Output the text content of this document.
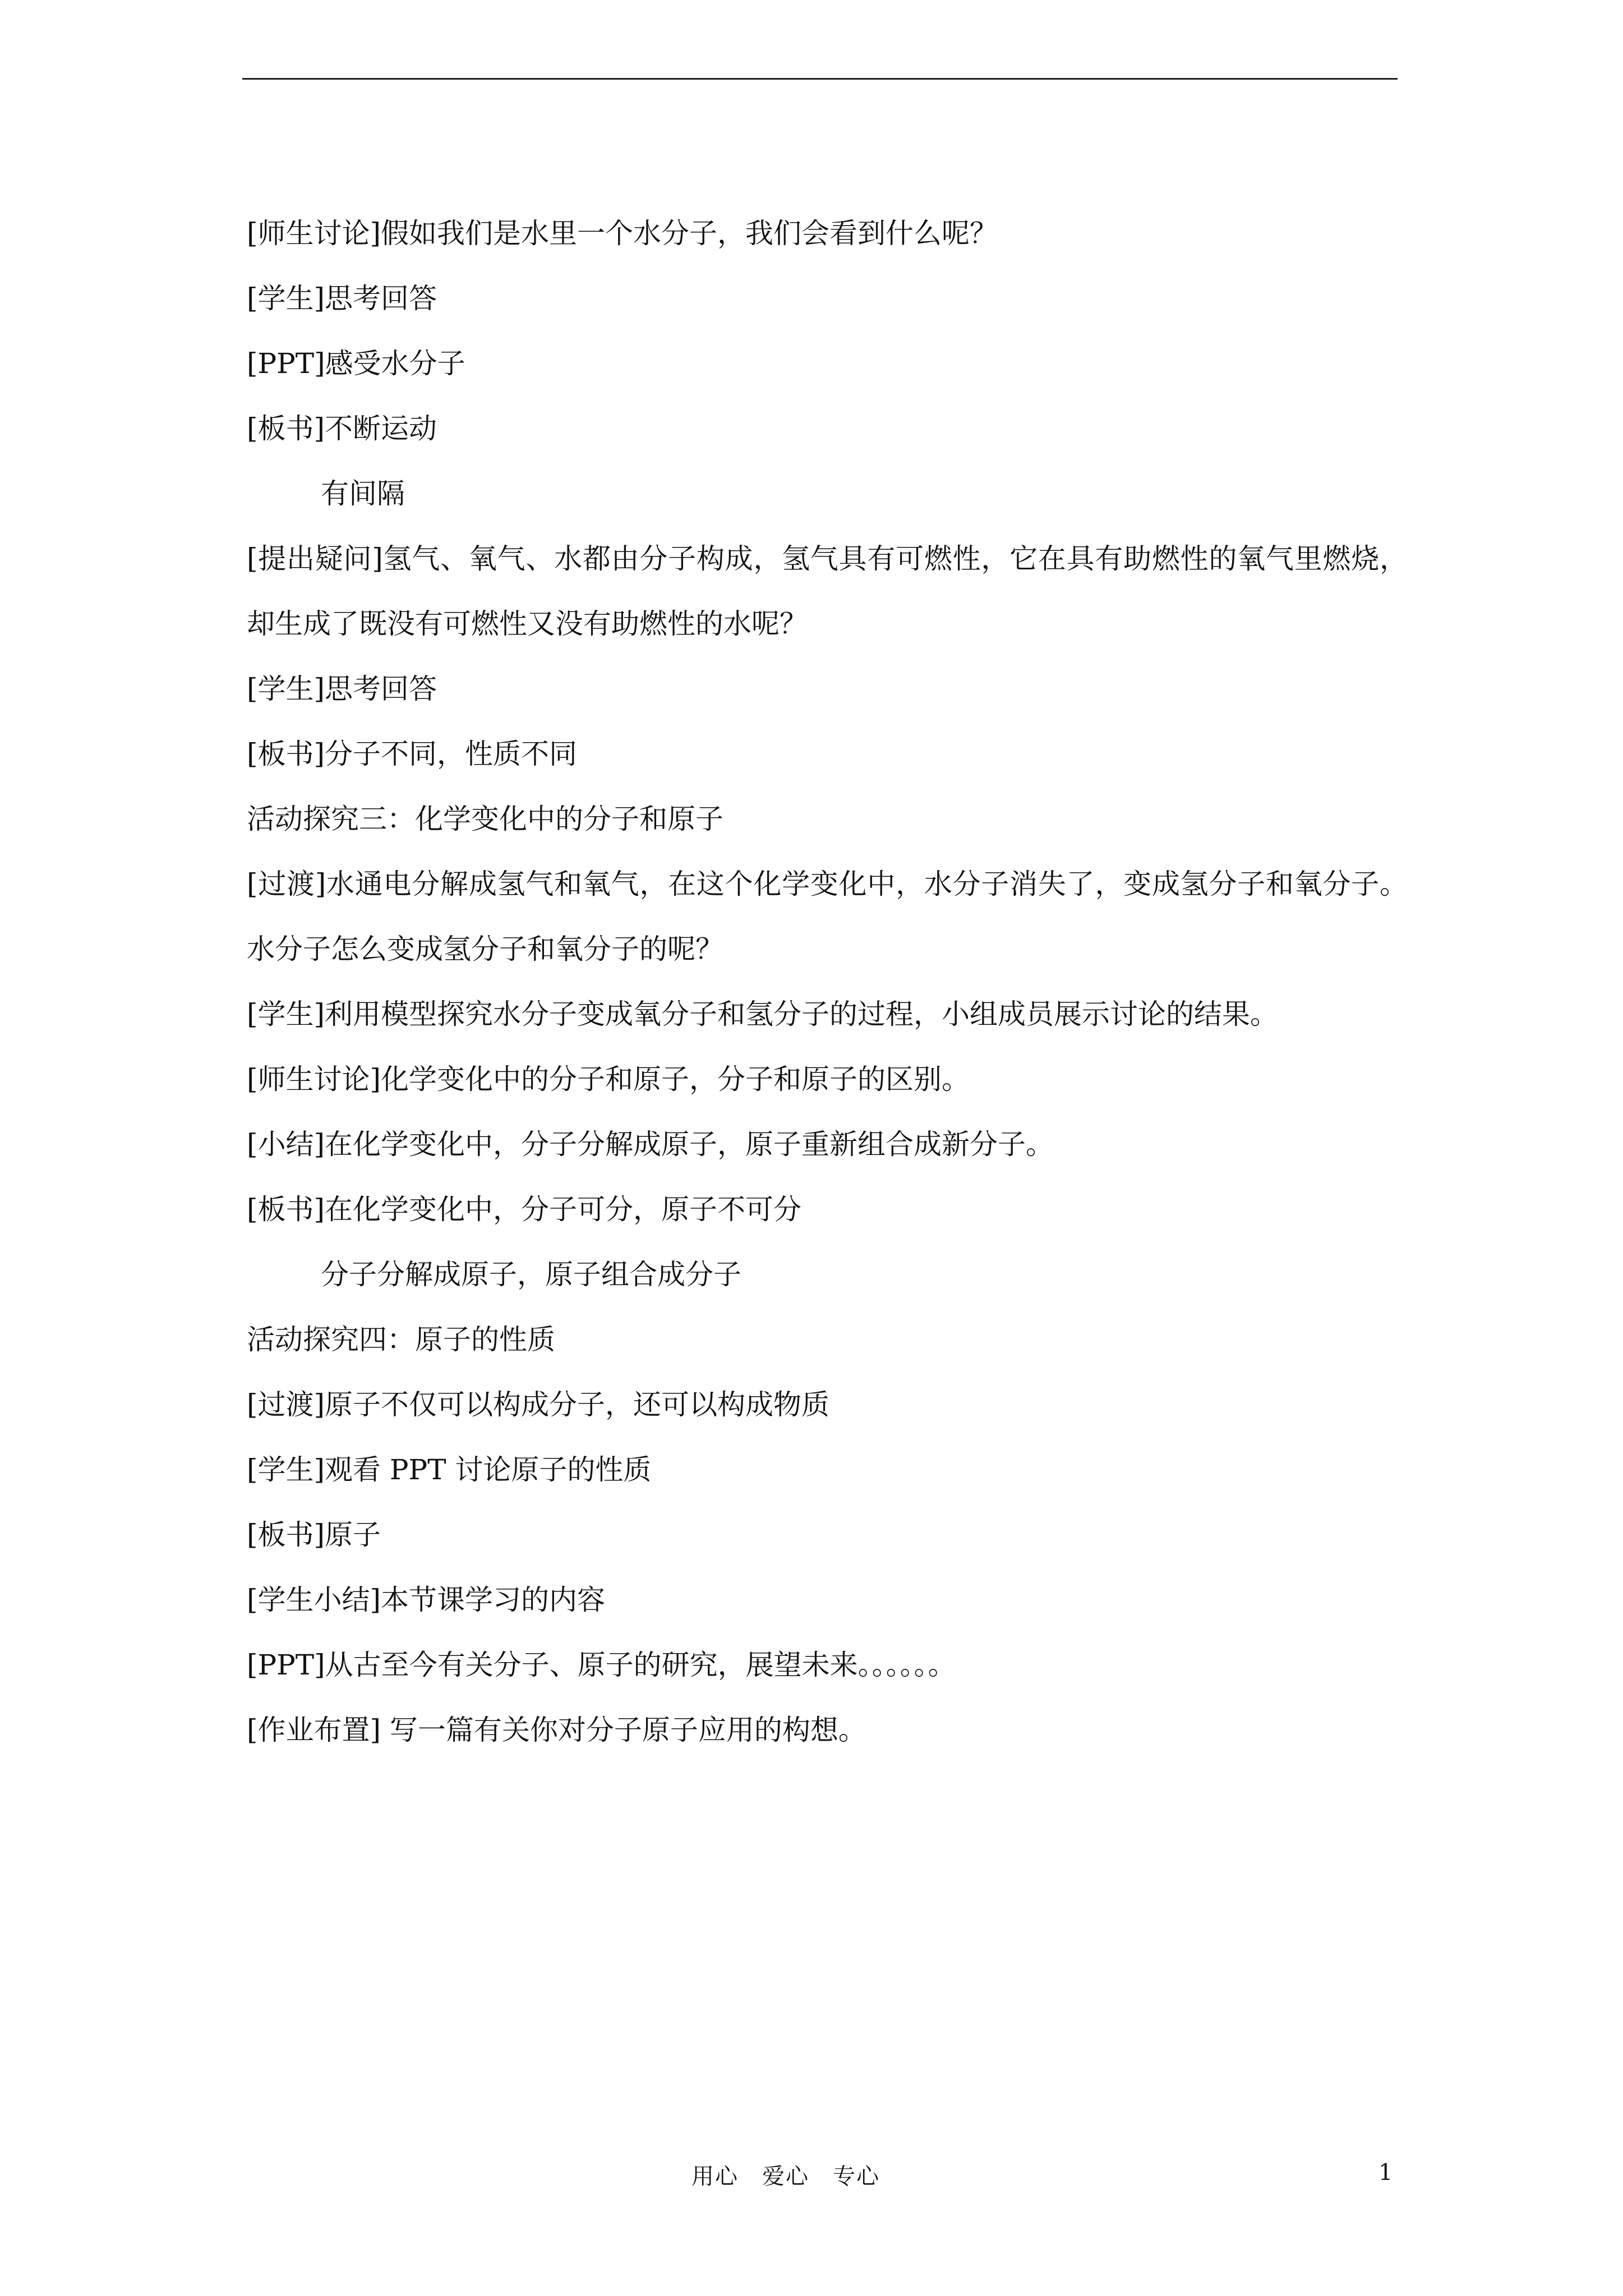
[师生讨论]假如我们是水里一个水分子，我们会看到什么呢？
[学生]思考回答
[PPT]感受水分子
[板书]不断运动
有间隔
[提出疑问]氢气、氧气、水都由分子构成，氢气具有可燃性，它在具有助燃性的氧气里燃烧，
却生成了既没有可燃性又没有助燃性的水呢？
[学生]思考回答
[板书]分子不同，性质不同
活动探究三：化学变化中的分子和原子
[过渡]水通电分解成氢气和氧气，在这个化学变化中，水分子消失了，变成氢分子和氧分子。
水分子怎么变成氢分子和氧分子的呢？
[学生]利用模型探究水分子变成氧分子和氢分子的过程，小组成员展示讨论的结果。
[师生讨论]化学变化中的分子和原子，分子和原子的区别。
[小结]在化学变化中，分子分解成原子，原子重新组合成新分子。
[板书]在化学变化中，分子可分，原子不可分
分子分解成原子，原子组合成分子
活动探究四：原子的性质
[过渡]原子不仅可以构成分子，还可以构成物质
[学生]观看 PPT 讨论原子的性质
[板书]原子
[学生小结]本节课学习的内容
[PPT]从古至今有关分子、原子的研究，展望未来。。。。。。
[作业布置] 写一篇有关你对分子原子应用的构想。
用心　爱心　专心	1
